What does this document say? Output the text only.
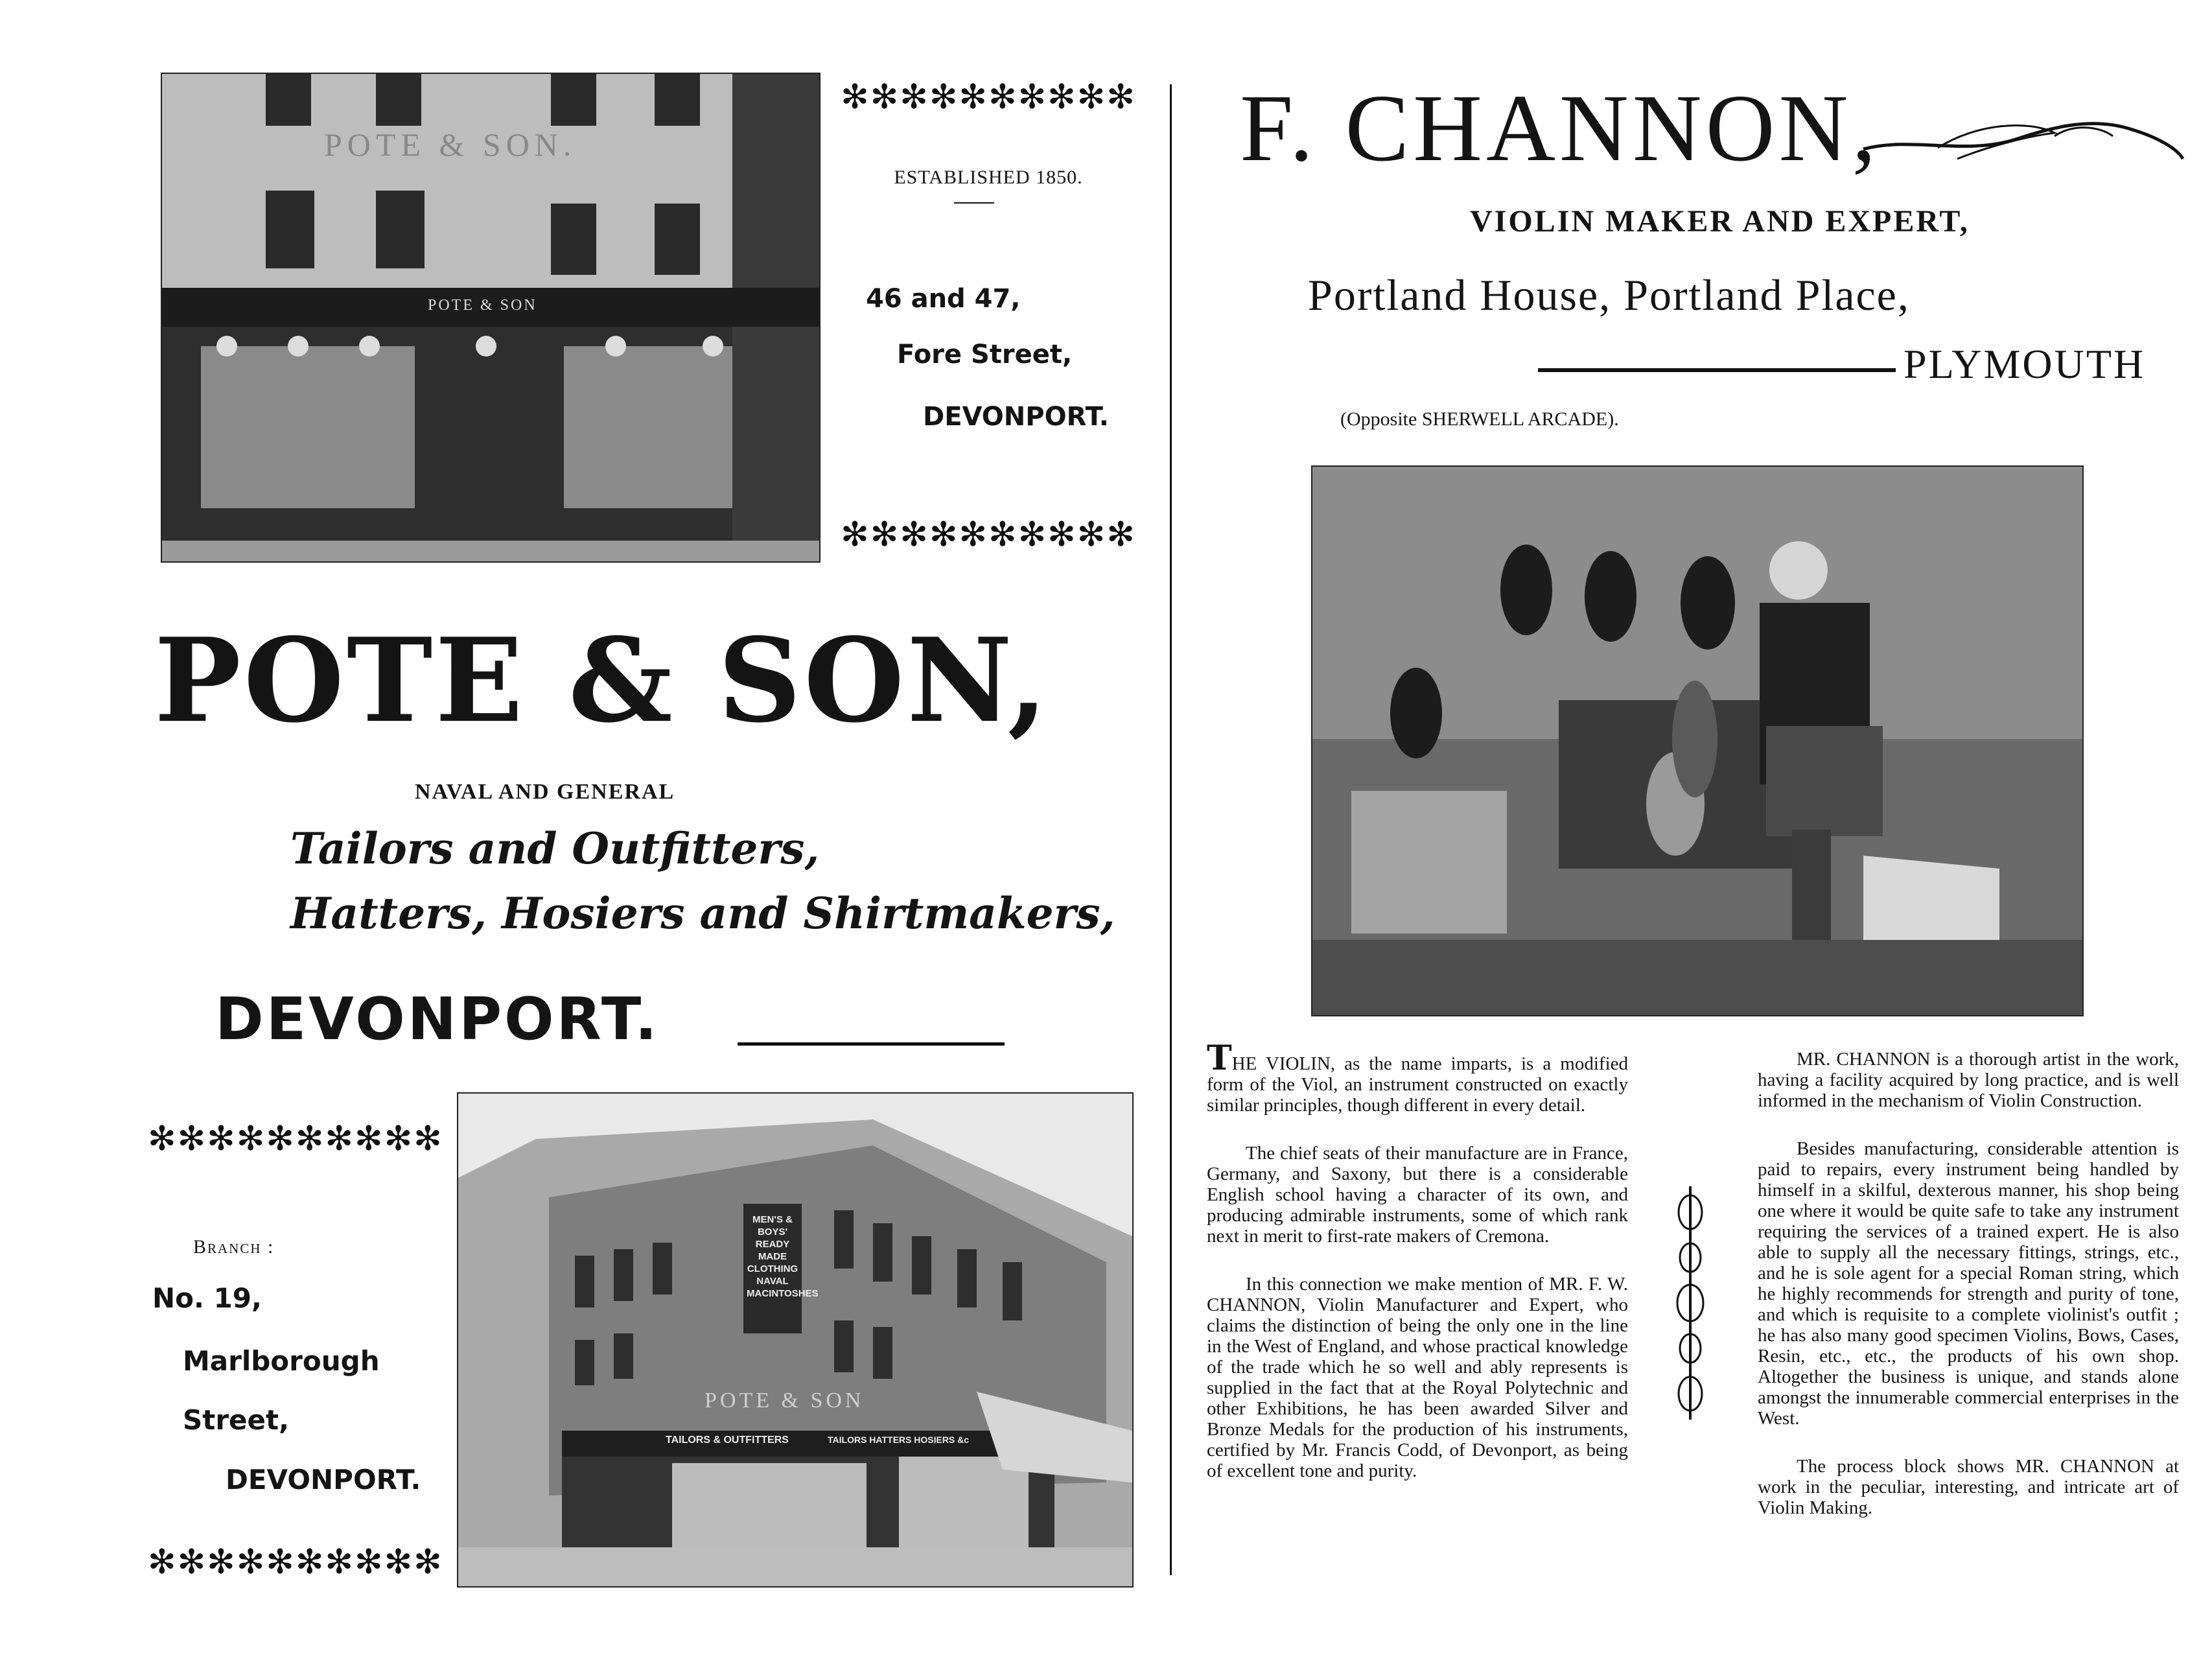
POTE & SON.
POTE & SON
✻✻✻✻✻✻✻✻✻✻
ESTABLISHED 1850.
46 and 47,
Fore Street,
DEVONPORT.
✻✻✻✻✻✻✻✻✻✻
POTE & SON,
NAVAL AND GENERAL
Tailors and Outfitters,
Hatters, Hosiers and Shirtmakers,
DEVONPORT.
✻✻✻✻✻✻✻✻✻✻
Branch :
No. 19,
Marlborough
Street,
DEVONPORT.
✻✻✻✻✻✻✻✻✻✻
MEN'S & BOYS' READY MADE CLOTHING NAVAL MACINTOSHES
POTE & SON
TAILORS & OUTFITTERS	TAILORS HATTERS HOSIERS &c
F. CHANNON,
VIOLIN MAKER AND EXPERT,
Portland House, Portland Place,
PLYMOUTH
(Opposite SHERWELL ARCADE).

THE VIOLIN, as the name imparts, is a modified form of the Viol, an instrument constructed on exactly similar principles, though different in every detail.

The chief seats of their manufacture are in France, Germany, and Saxony, but there is a considerable English school having a character of its own, and producing admirable instruments, some of which rank next in merit to first-rate makers of Cremona.

In this connection we make mention of MR. F. W. CHANNON, Violin Manufacturer and Expert, who claims the distinction of being the only one in the line in the West of England, and whose practical knowledge of the trade which he so well and ably represents is supplied in the fact that at the Royal Polytechnic and other Exhibitions, he has been awarded Silver and Bronze Medals for the production of his instruments, certified by Mr. Francis Codd, of Devonport, as being of excellent tone and purity.

MR. CHANNON is a thorough artist in the work, having a facility acquired by long practice, and is well informed in the mechanism of Violin Construction.

Besides manufacturing, considerable attention is paid to repairs, every instrument being handled by himself in a skilful, dexterous manner, his shop being one where it would be quite safe to take any instrument requiring the services of a trained expert. He is also able to supply all the necessary fittings, strings, etc., and he is sole agent for a special Roman string, which he highly recommends for strength and purity of tone, and which is requisite to a complete violinist's outfit ; he has also many good specimen Violins, Bows, Cases, Resin, etc., etc., the products of his own shop. Altogether the business is unique, and stands alone amongst the innumerable commercial enterprises in the West.

The process block shows MR. CHANNON at work in the peculiar, interesting, and intricate art of Violin Making.
